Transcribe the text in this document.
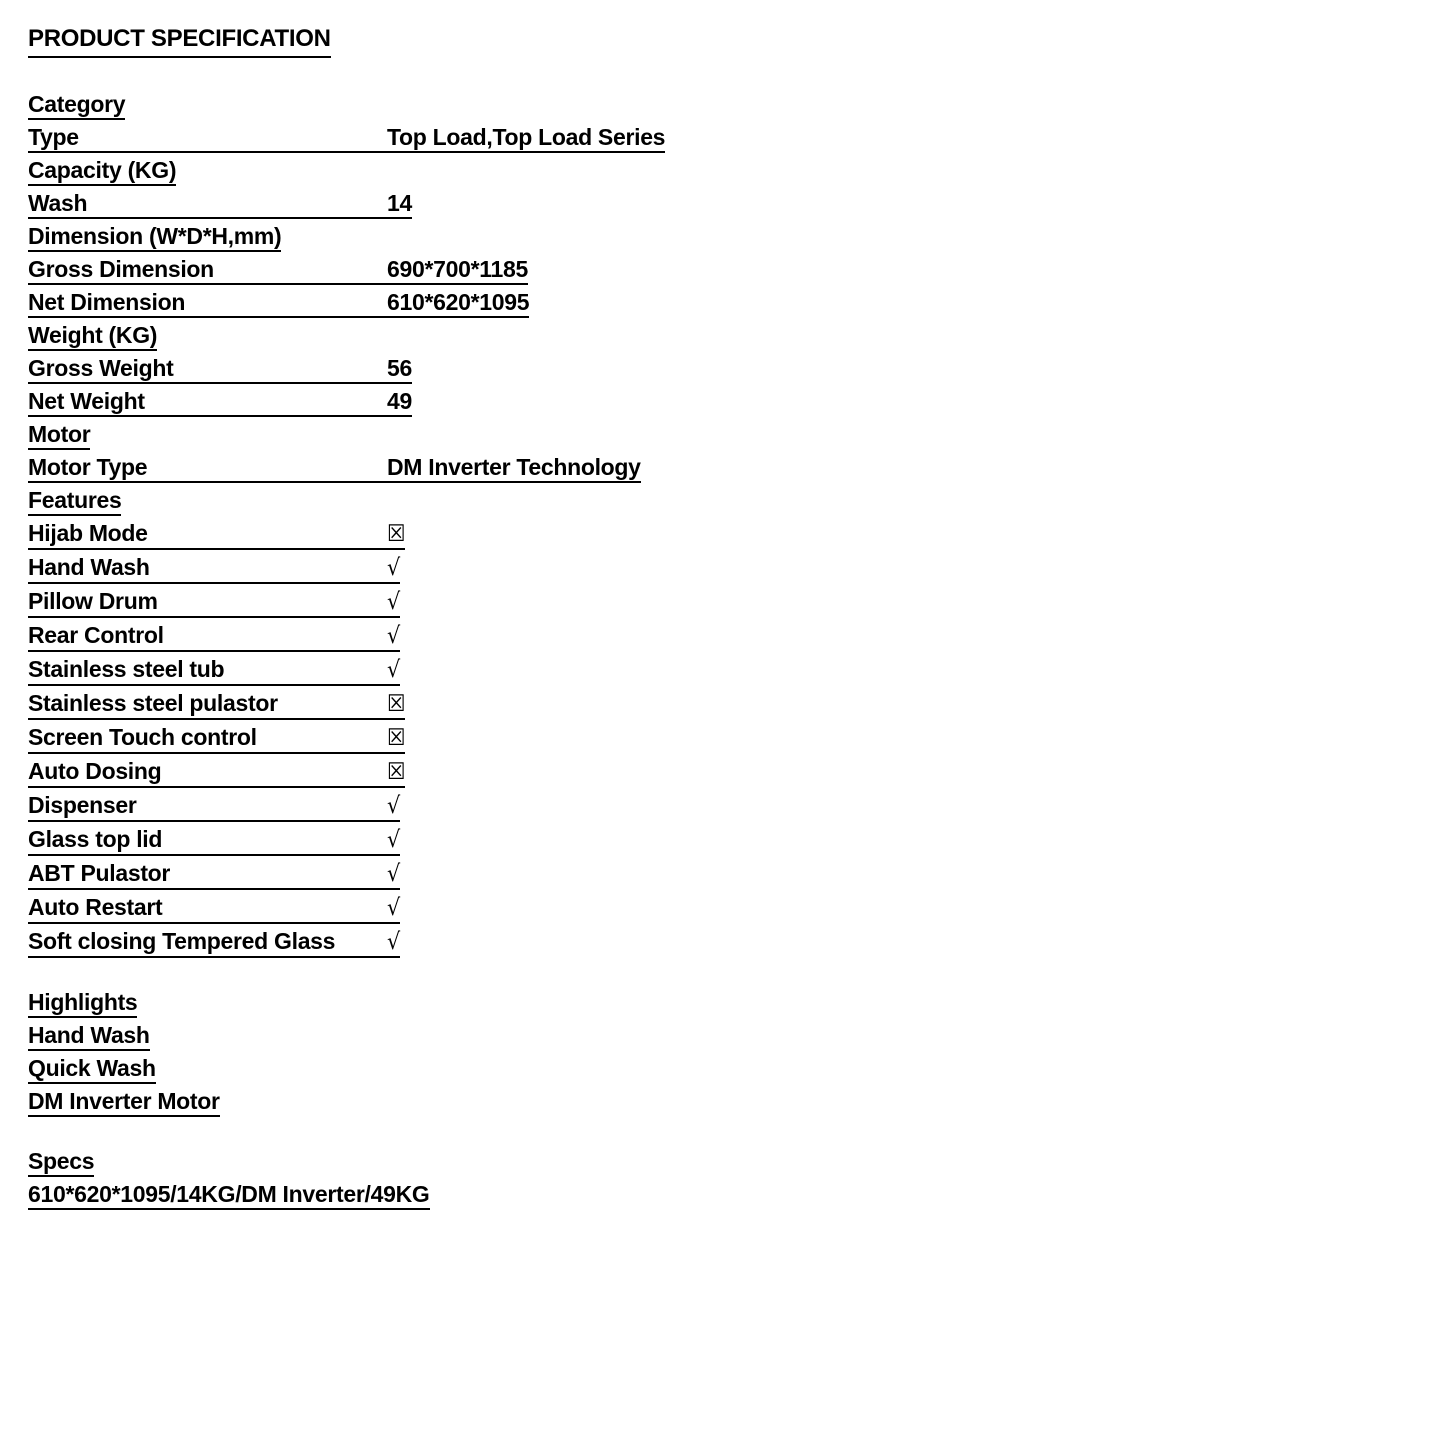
PRODUCT SPECIFICATION
Category
Type	Top Load,Top Load Series
Capacity (KG)
Wash	14
Dimension (W*D*H,mm)
Gross Dimension	690*700*1185
Net Dimension	610*620*1095
Weight (KG)
Gross Weight	56
Net Weight	49
Motor
Motor Type	DM Inverter Technology
Features
Hijab Mode	☒
Hand Wash	√
Pillow Drum	√
Rear Control	√
Stainless steel tub	√
Stainless steel pulastor	☒
Screen Touch control	☒
Auto Dosing	☒
Dispenser	√
Glass top lid	√
ABT Pulastor	√
Auto Restart	√
Soft closing Tempered Glass √
Highlights
Hand Wash
Quick Wash
DM Inverter Motor
Specs
610*620*1095/14KG/DM Inverter/49KG
